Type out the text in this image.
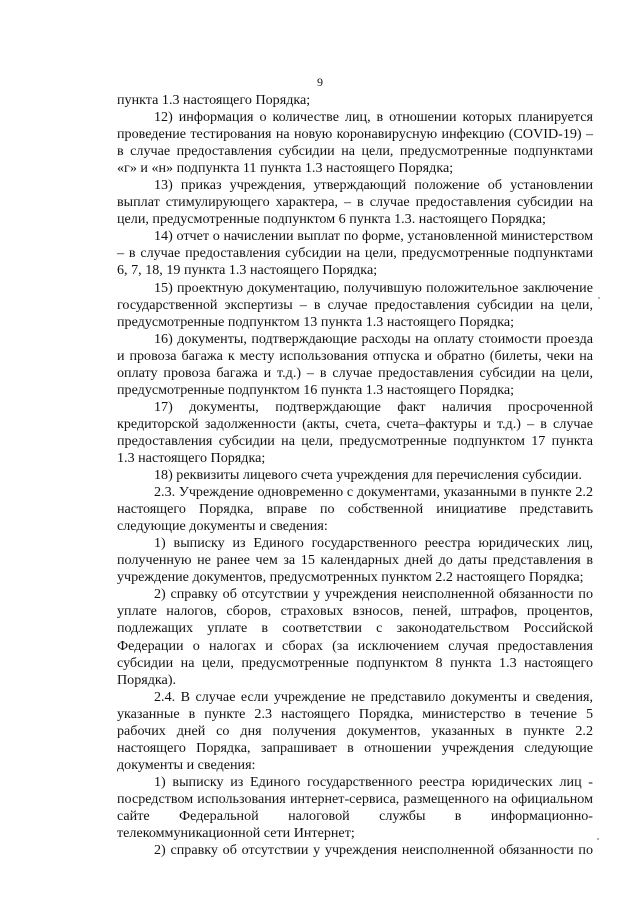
9

пункта 1.3 настоящего Порядка;

12) информация о количестве лиц, в отношении которых планируется проведение тестирования на новую коронавирусную инфекцию (COVID-19) – в случае предоставления субсидии на цели, предусмотренные подпунктами «г» и «н» подпункта 11 пункта 1.3 настоящего Порядка;

13) приказ учреждения, утверждающий положение об установлении выплат стимулирующего характера, – в случае предоставления субсидии на цели, предусмотренные подпунктом 6 пункта 1.3. настоящего Порядка;

14) отчет о начислении выплат по форме, установленной министерством – в случае предоставления субсидии на цели, предусмотренные подпунктами 6, 7, 18, 19 пункта 1.3 настоящего Порядка;

15) проектную документацию, получившую положительное заключение государственной экспертизы – в случае предоставления субсидии на цели, предусмотренные подпунктом 13 пункта 1.3 настоящего Порядка;

16) документы, подтверждающие расходы на оплату стоимости проезда и провоза багажа к месту использования отпуска и обратно (билеты, чеки на оплату провоза багажа и т.д.) – в случае предоставления субсидии на цели, предусмотренные подпунктом 16 пункта 1.3 настоящего Порядка;

17) документы, подтверждающие факт наличия просроченной кредиторской задолженности (акты, счета, счета–фактуры и т.д.) – в случае предоставления субсидии на цели, предусмотренные подпунктом 17 пункта 1.3 настоящего Порядка;

18) реквизиты лицевого счета учреждения для перечисления субсидии.

2.3. Учреждение одновременно с документами, указанными в пункте 2.2 настоящего Порядка, вправе по собственной инициативе представить следующие документы и сведения:

1) выписку из Единого государственного реестра юридических лиц, полученную не ранее чем за 15 календарных дней до даты представления в учреждение документов, предусмотренных пунктом 2.2 настоящего Порядка;

2) справку об отсутствии у учреждения неисполненной обязанности по уплате налогов, сборов, страховых взносов, пеней, штрафов, процентов, подлежащих уплате в соответствии с законодательством Российской Федерации о налогах и сборах (за исключением случая предоставления субсидии на цели, предусмотренные подпунктом 8 пункта 1.3 настоящего Порядка).

2.4. В случае если учреждение не представило документы и сведения, указанные в пункте 2.3 настоящего Порядка, министерство в течение 5 рабочих дней со дня получения документов, указанных в пункте 2.2 настоящего Порядка, запрашивает в отношении учреждения следующие документы и сведения:

1) выписку из Единого государственного реестра юридических лиц - посредством использования интернет-сервиса, размещенного на официальном сайте Федеральной налоговой службы в информационно-телекоммуникационной сети Интернет;

2) справку об отсутствии у учреждения неисполненной обязанности по
